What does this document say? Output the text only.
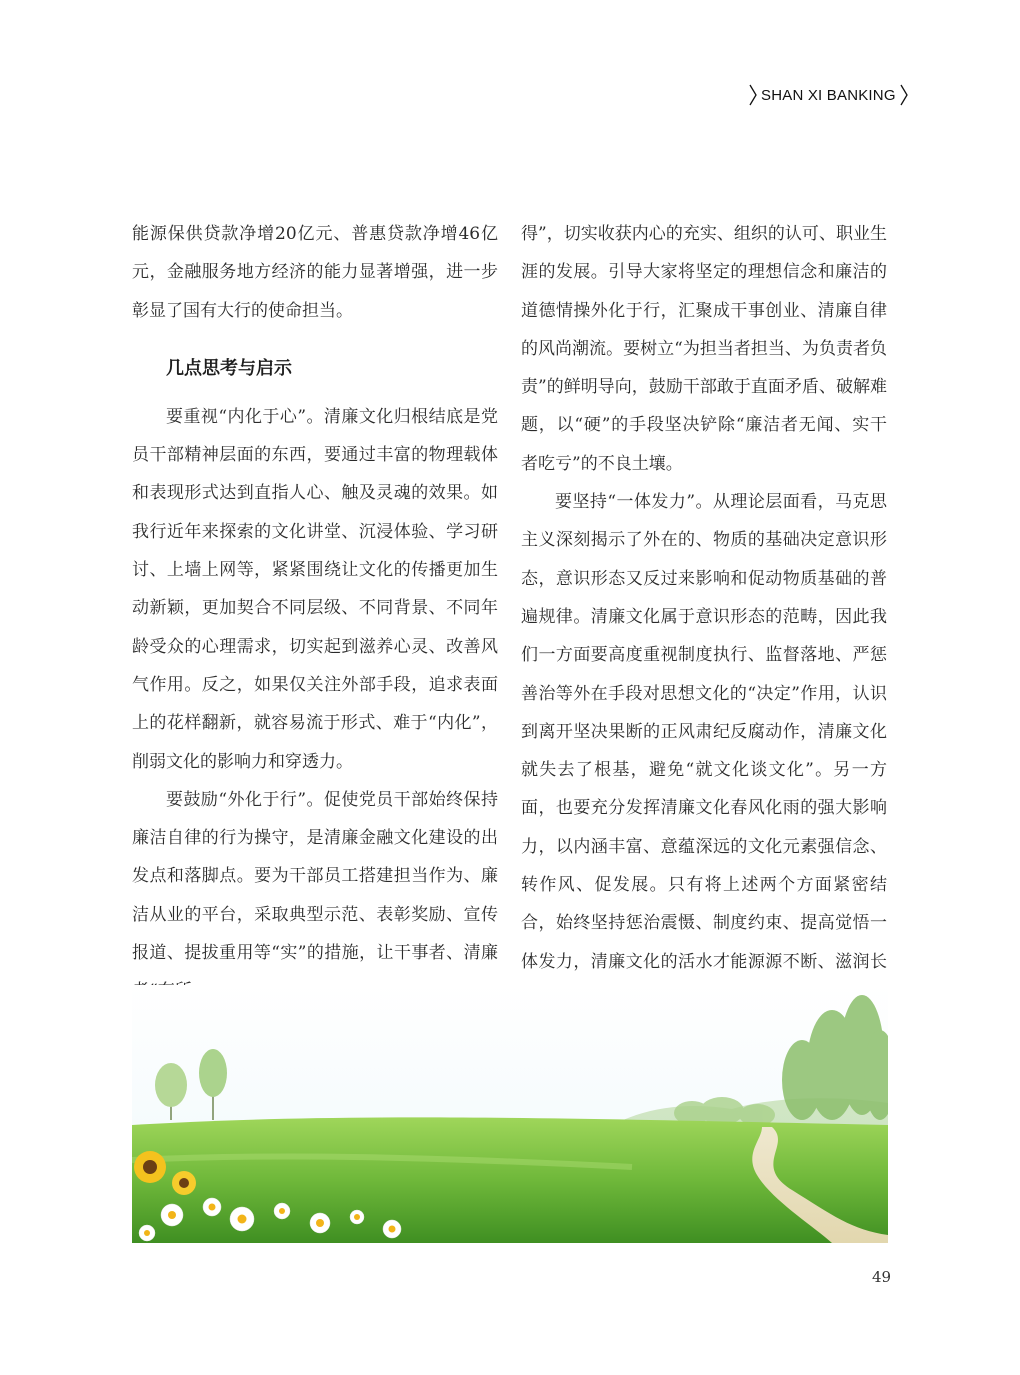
SHAN XI BANKING

能源保供贷款净增20亿元、普惠贷款净增46亿元，金融服务地方经济的能力显著增强，进一步彰显了国有大行的使命担当。

几点思考与启示

要重视“内化于心”。清廉文化归根结底是党员干部精神层面的东西，要通过丰富的物理载体和表现形式达到直指人心、触及灵魂的效果。如我行近年来探索的文化讲堂、沉浸体验、学习研讨、上墙上网等，紧紧围绕让文化的传播更加生动新颖，更加契合不同层级、不同背景、不同年龄受众的心理需求，切实起到滋养心灵、改善风气作用。反之，如果仅关注外部手段，追求表面上的花样翻新，就容易流于形式、难于“内化”，削弱文化的影响力和穿透力。

要鼓励“外化于行”。促使党员干部始终保持廉洁自律的行为操守，是清廉金融文化建设的出发点和落脚点。要为干部员工搭建担当作为、廉洁从业的平台，采取典型示范、表彰奖励、宣传报道、提拔重用等“实”的措施，让干事者、清廉

得”，切实收获内心的充实、组织的认可、职业生涯的发展。引导大家将坚定的理想信念和廉洁的道德情操外化于行，汇聚成干事创业、清廉自律的风尚潮流。要树立“为担当者担当、为负责者负责”的鲜明导向，鼓励干部敢于直面矛盾、破解难题，以“硬”的手段坚决铲除“廉洁者无闻、实干者吃亏”的不良土壤。

要坚持“一体发力”。从理论层面看，马克思主义深刻揭示了外在的、物质的基础决定意识形态，意识形态又反过来影响和促动物质基础的普遍规律。清廉文化属于意识形态的范畴，因此我们一方面要高度重视制度执行、监督落地、严惩善治等外在手段对思想文化的“决定”作用，认识到离开坚决果断的正风肃纪反腐动作，清廉文化就失去了根基，避免“就文化谈文化”。另一方面，也要充分发挥清廉文化春风化雨的强大影响力，以内涵丰富、意蕴深远的文化元素强信念、转作风、促发展。只有将上述两个方面紧密结合，始终坚持惩治震慑、制度约束、提高觉悟一体发力，清廉文化的活水才能源源不断、滋润长

49
